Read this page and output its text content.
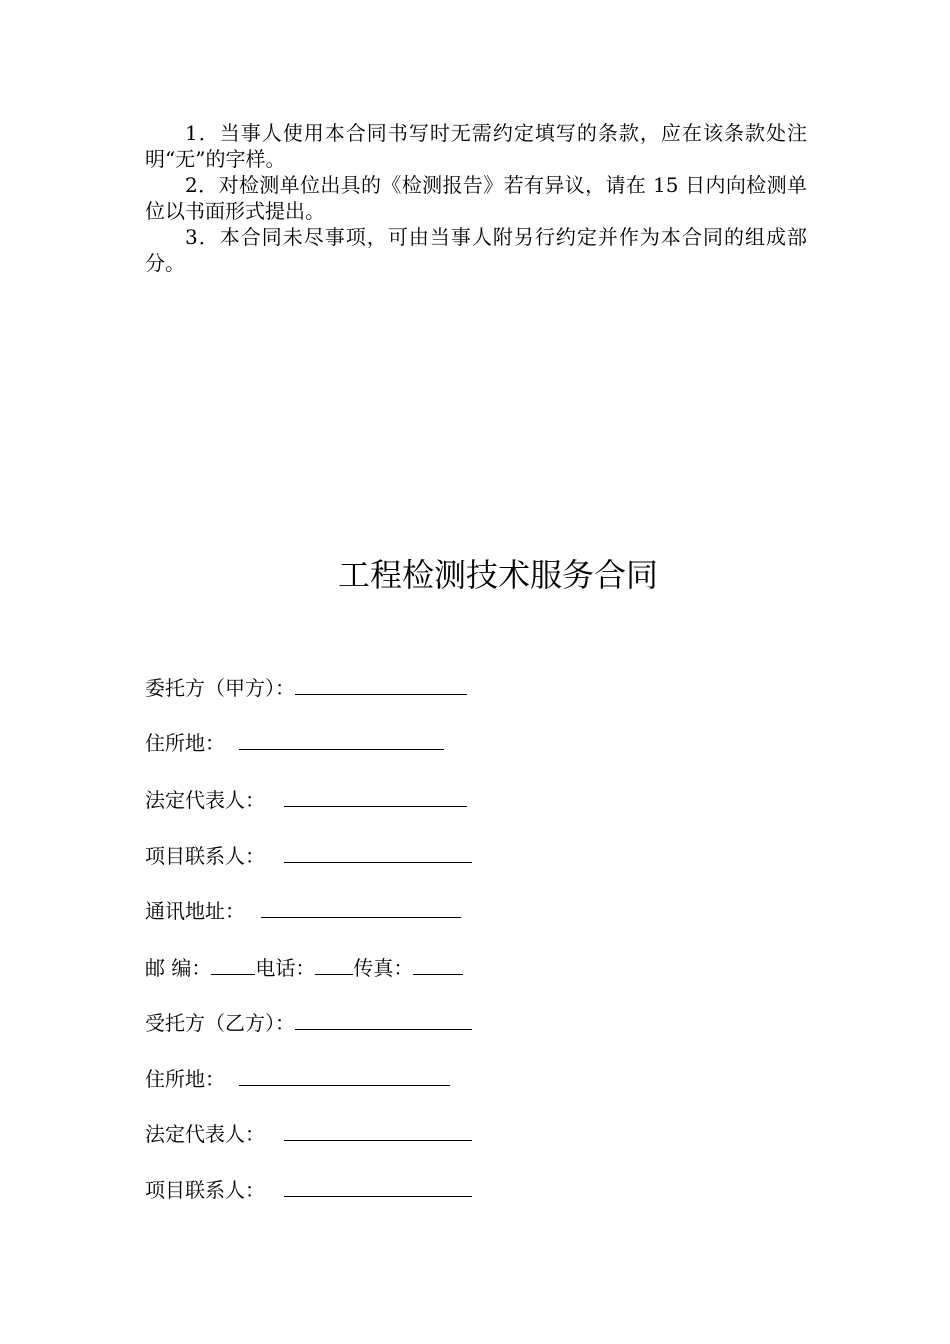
1．当事人使用本合同书写时无需约定填写的条款，应在该条款处注明“无”的字样。

2．对检测单位出具的《检测报告》若有异议，请在 15 日内向检测单位以书面形式提出。

3．本合同未尽事项，可由当事人附另行约定并作为本合同的组成部分。

工程检测技术服务合同
委托方（甲方）：
住所地：
法定代表人：
项目联系人：
通讯地址：
邮 编： 电话： 传真：
受托方（乙方）：
住所地：
法定代表人：
项目联系人：
